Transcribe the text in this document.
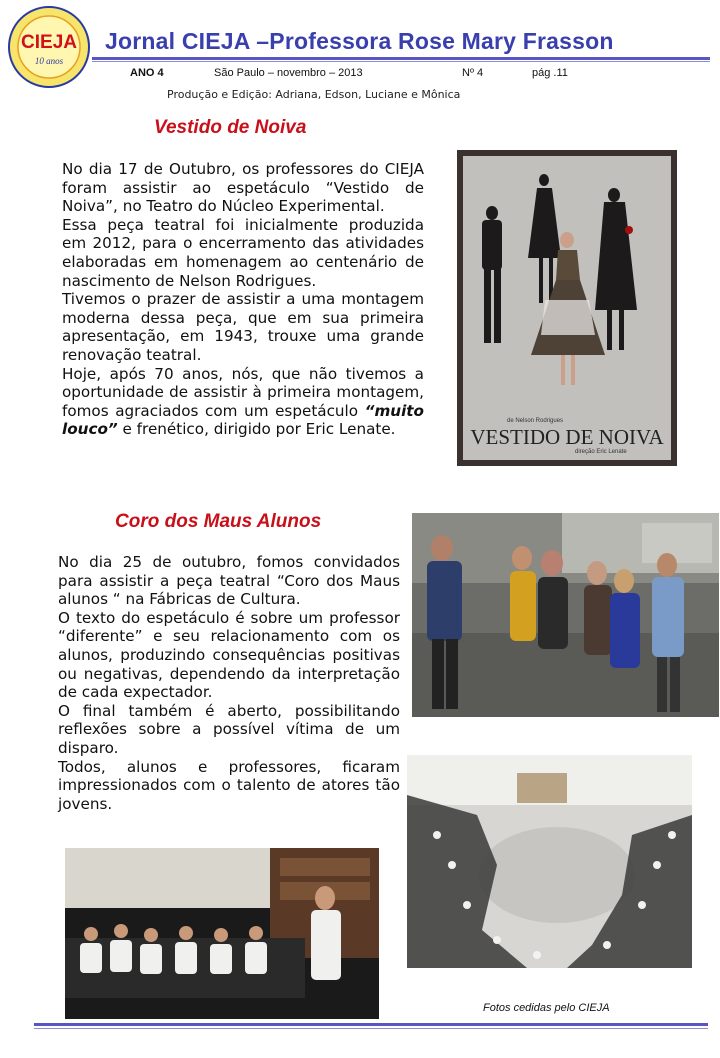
CIEJA
10 anos
Jornal CIEJA –Professora Rose Mary Frasson
ANO 4	São Paulo – novembro – 2013	Nº 4	pág .11
Produção e Edição: Adriana, Edson, Luciane e Mônica
Vestido de Noiva

No dia 17 de Outubro, os professores do CIEJA foram assistir ao espetáculo “Vestido de Noiva”, no Teatro do Núcleo Experimental.

Essa peça teatral foi inicialmente produzida em 2012, para o encerramento das atividades elaboradas em homenagem ao centenário de nascimento de Nelson Rodrigues.

Tivemos o prazer de assistir a uma montagem moderna dessa peça, que em sua primeira apresentação, em 1943, trouxe uma grande renovação teatral.

Hoje, após 70 anos, nós, que não tivemos a oportunidade de assistir à primeira montagem, fomos agraciados com um espetáculo “muito louco” e frenético, dirigido por Eric Lenate.	VESTIDO DE NOIVA
de Nelson Rodrigues
direção Eric Lenate
Coro dos Maus Alunos

No dia 25 de outubro, fomos convidados para assistir a peça teatral “Coro dos Maus alunos “ na Fábricas de Cultura.

O texto do espetáculo é sobre um professor “diferente” e seu relacionamento com os alunos, produzindo consequências positivas ou negativas, dependendo da interpretação de cada expectador.

O final também é aberto, possibilitando reflexões sobre a possível vítima de um disparo.

Todos, alunos e professores, ficaram impressionados com o talento de atores tão jovens.

Fotos cedidas pelo CIEJA
